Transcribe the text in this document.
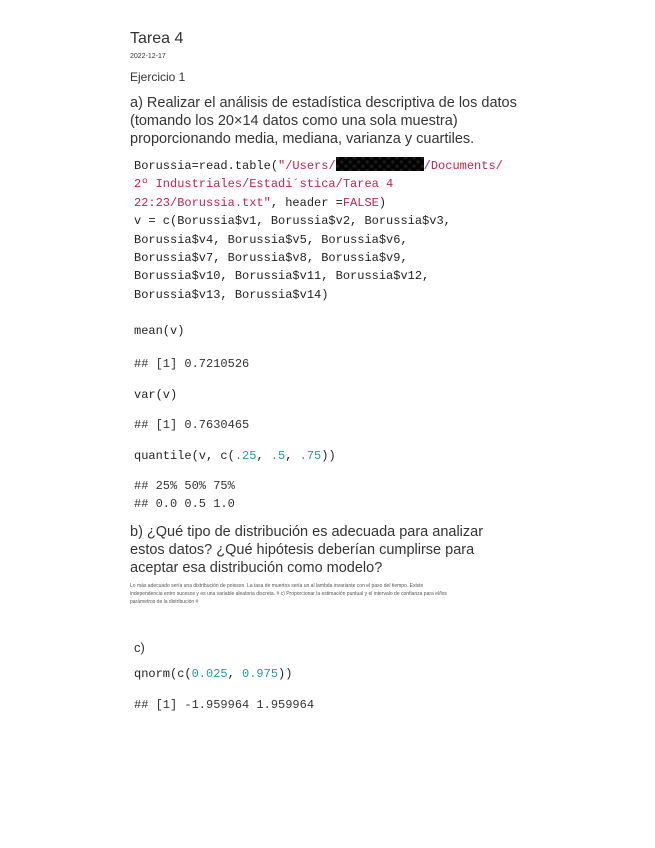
Tarea 4
2022-12-17
Ejercicio 1
a) Realizar el análisis de estadística descriptiva de los datos
(tomando los 20×14 datos como una sola muestra)
proporcionando media, mediana, varianza y cuartiles.
Borussia=read.table("/Users/	/Documents/
2º Industriales/Estadi´stica/Tarea 4
22:23/Borussia.txt", header =FALSE)
v = c(Borussia$v1, Borussia$v2, Borussia$v3,
Borussia$v4, Borussia$v5, Borussia$v6,
Borussia$v7, Borussia$v8, Borussia$v9,
Borussia$v10, Borussia$v11, Borussia$v12,
Borussia$v13, Borussia$v14)
mean(v)
## [1] 0.7210526
var(v)
## [1] 0.7630465
quantile(v, c(.25, .5, .75))
## 25% 50% 75%
## 0.0 0.5 1.0
b) ¿Qué tipo de distribución es adecuada para analizar
estos datos? ¿Qué hipótesis deberían cumplirse para
aceptar esa distribución como modelo?
Lo más adecuado sería una distribución de poisson. La tasa de muertos sería un al lambda invariante con el paso del tiempo. Existe
independencia entro sucesos y es una variable aleatoria discreta. # c) Proporcionar la estimación puntual y el intervalo de confianza para el/los
parámetros de la distribución #
c)
qnorm(c(0.025, 0.975))
## [1] -1.959964 1.959964
